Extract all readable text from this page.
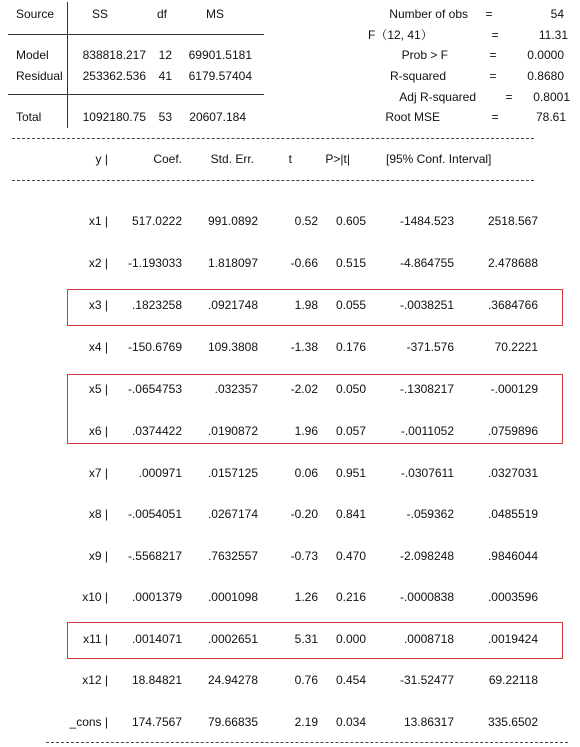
Source	SS	df	MS
Model	838818.217	12	69901.5181
Residual	253362.536	41	6179.57404
Total	1092180.75	53	20607.184
Number of obs =	54
F（12, 41）	=	11.31
Prob > F	=	0.0000
R-squared	=	0.8680
Adj R-squared =	0.8001
Root MSE	=	78.61
y |	Coef.	Std. Err.	t	P>|t|	[95% Conf. Interval]
x1 |	517.0222	991.0892	0.52	0.605	-1484.523	2518.567
x2 |	-1.193033	1.818097	-0.66	0.515	-4.864755	2.478688
x3 |	.1823258	.0921748	1.98	0.055	-.0038251	.3684766
x4 |	-150.6769	109.3808	-1.38	0.176	-371.576	70.2221
x5 |	-.0654753	.032357	-2.02	0.050	-.1308217	-.000129
x6 |	.0374422	.0190872	1.96	0.057	-.0011052	.0759896
x7 |	.000971	.0157125	0.06	0.951	-.0307611	.0327031
x8 |	-.0054051	.0267174	-0.20	0.841	-.059362	.0485519
x9 |	-.5568217	.7632557	-0.73	0.470	-2.098248	.9846044
x10 |	.0001379	.0001098	1.26	0.216	-.0000838	.0003596
x11 |	.0014071	.0002651	5.31	0.000	.0008718	.0019424
x12 |	18.84821	24.94278	0.76	0.454	-31.52477	69.22118
_cons |	174.7567	79.66835	2.19	0.034	13.86317	335.6502
